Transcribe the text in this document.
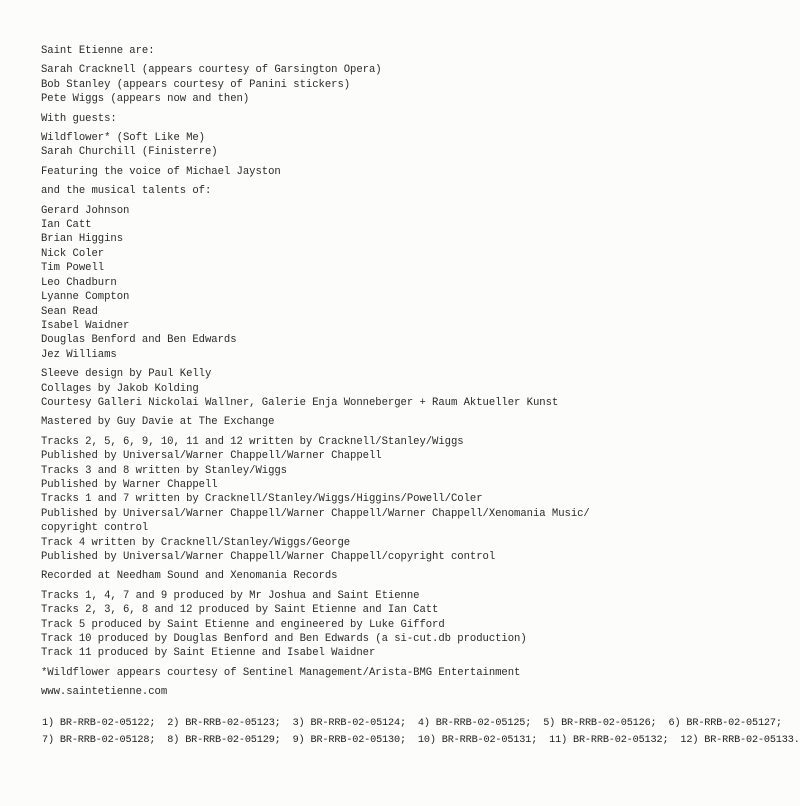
Saint Etienne are:
Sarah Cracknell (appears courtesy of Garsington Opera)
Bob Stanley (appears courtesy of Panini stickers)
Pete Wiggs (appears now and then)
With guests:
Wildflower* (Soft Like Me)
Sarah Churchill (Finisterre)
Featuring the voice of Michael Jayston
and the musical talents of:
Gerard Johnson
Ian Catt
Brian Higgins
Nick Coler
Tim Powell
Leo Chadburn
Lyanne Compton
Sean Read
Isabel Waidner
Douglas Benford and Ben Edwards
Jez Williams
Sleeve design by Paul Kelly
Collages by Jakob Kolding
Courtesy Galleri Nickolai Wallner, Galerie Enja Wonneberger + Raum Aktueller Kunst
Mastered by Guy Davie at The Exchange
Tracks 2, 5, 6, 9, 10, 11 and 12 written by Cracknell/Stanley/Wiggs
Published by Universal/Warner Chappell/Warner Chappell
Tracks 3 and 8 written by Stanley/Wiggs
Published by Warner Chappell
Tracks 1 and 7 written by Cracknell/Stanley/Wiggs/Higgins/Powell/Coler
Published by Universal/Warner Chappell/Warner Chappell/Warner Chappell/Xenomania Music/
copyright control
Track 4 written by Cracknell/Stanley/Wiggs/George
Published by Universal/Warner Chappell/Warner Chappell/copyright control
Recorded at Needham Sound and Xenomania Records
Tracks 1, 4, 7 and 9 produced by Mr Joshua and Saint Etienne
Tracks 2, 3, 6, 8 and 12 produced by Saint Etienne and Ian Catt
Track 5 produced by Saint Etienne and engineered by Luke Gifford
Track 10 produced by Douglas Benford and Ben Edwards (a si-cut.db production)
Track 11 produced by Saint Etienne and Isabel Waidner
*Wildflower appears courtesy of Sentinel Management/Arista-BMG Entertainment
www.saintetienne.com
1) BR-RRB-02-05122; 2) BR-RRB-02-05123; 3) BR-RRB-02-05124; 4) BR-RRB-02-05125; 5) BR-RRB-02-05126; 6) BR-RRB-02-05127;
7) BR-RRB-02-05128; 8) BR-RRB-02-05129; 9) BR-RRB-02-05130; 10) BR-RRB-02-05131; 11) BR-RRB-02-05132; 12) BR-RRB-02-05133.
